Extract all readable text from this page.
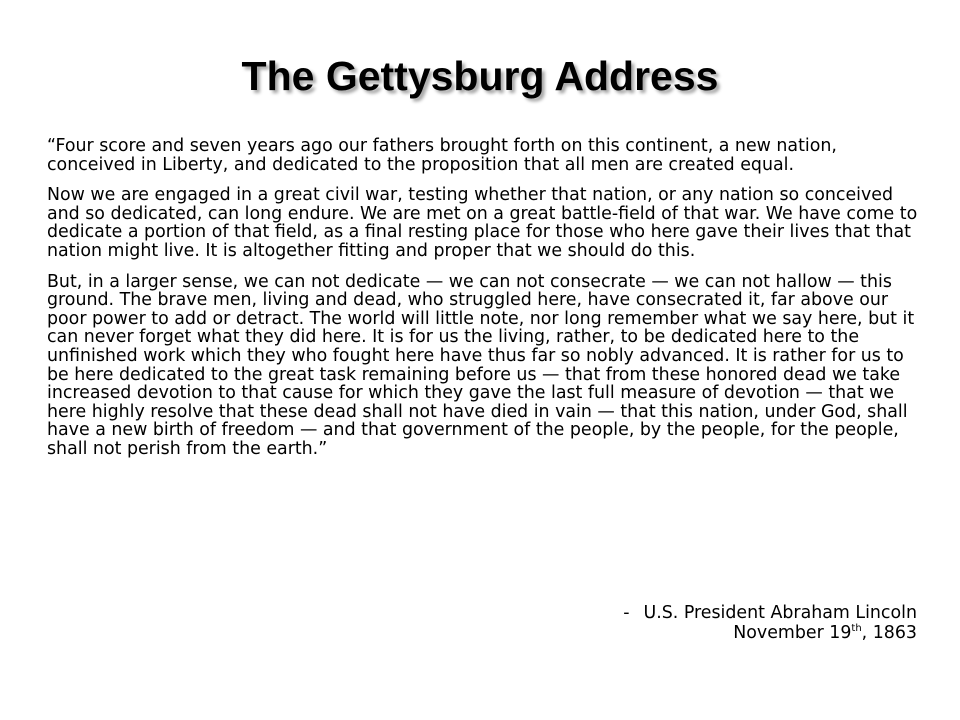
The Gettysburg Address

“Four score and seven years ago our fathers brought forth on this continent, a new nation, conceived in Liberty, and dedicated to the proposition that all men are created equal.

Now we are engaged in a great civil war, testing whether that nation, or any nation so conceived and so dedicated, can long endure. We are met on a great battle-field of that war. We have come to dedicate a portion of that field, as a final resting place for those who here gave their lives that that nation might live. It is altogether fitting and proper that we should do this.

But, in a larger sense, we can not dedicate — we can not consecrate — we can not hallow — this ground. The brave men, living and dead, who struggled here, have consecrated it, far above our poor power to add or detract. The world will little note, nor long remember what we say here, but it can never forget what they did here. It is for us the living, rather, to be dedicated here to the unfinished work which they who fought here have thus far so nobly advanced. It is rather for us to be here dedicated to the great task remaining before us — that from these honored dead we take increased devotion to that cause for which they gave the last full measure of devotion — that we here highly resolve that these dead shall not have died in vain — that this nation, under God, shall have a new birth of freedom — and that government of the people, by the people, for the people, shall not perish from the earth.”

- U.S. President Abraham Lincoln
November 19th, 1863
